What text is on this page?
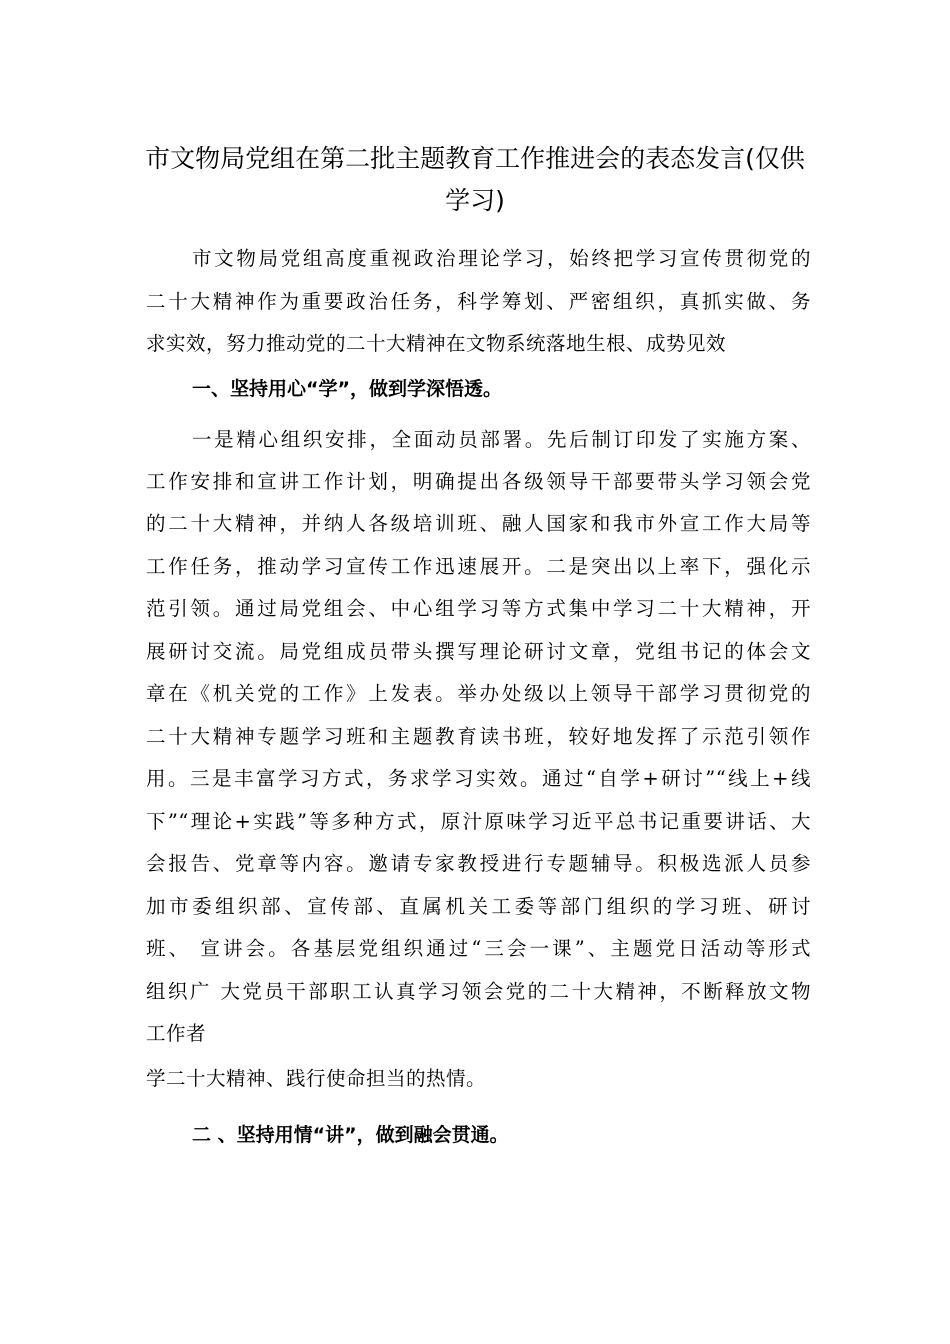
市文物局党组在第二批主题教育工作推进会的表态发言(仅供学习)
市文物局党组高度重视政治理论学习，始终把学习宣传贯彻党的
二十大精神作为重要政治任务，科学筹划、严密组织，真抓实做、务
求实效，努力推动党的二十大精神在文物系统落地生根、成势见效
一、坚持用心“学”，做到学深悟透。
一是精心组织安排，全面动员部署。先后制订印发了实施方案、
工作安排和宣讲工作计划，明确提出各级领导干部要带头学习领会党
的二十大精神，并纳人各级培训班、融人国家和我市外宣工作大局等
工作任务，推动学习宣传工作迅速展开。二是突出以上率下，强化示
范引领。通过局党组会、中心组学习等方式集中学习二十大精神，开
展研讨交流。局党组成员带头撰写理论研讨文章，党组书记的体会文
章在《机关党的工作》上发表。举办处级以上领导干部学习贯彻党的
二十大精神专题学习班和主题教育读书班，较好地发挥了示范引领作
用。三是丰富学习方式，务求学习实效。通过“自学+研讨”“线上+线
下”“理论+实践”等多种方式，原汁原味学习近平总书记重要讲话、大
会报告、党章等内容。邀请专家教授进行专题辅导。积极选派人员参
加市委组织部、宣传部、直属机关工委等部门组织的学习班、研讨
班、 宣讲会。各基层党组织通过“三会一课”、主题党日活动等形式
组织广 大党员干部职工认真学习领会党的二十大精神，不断释放文物
工作者
学二十大精神、践行使命担当的热情。
二 、坚持用情“讲”，做到融会贯通。
